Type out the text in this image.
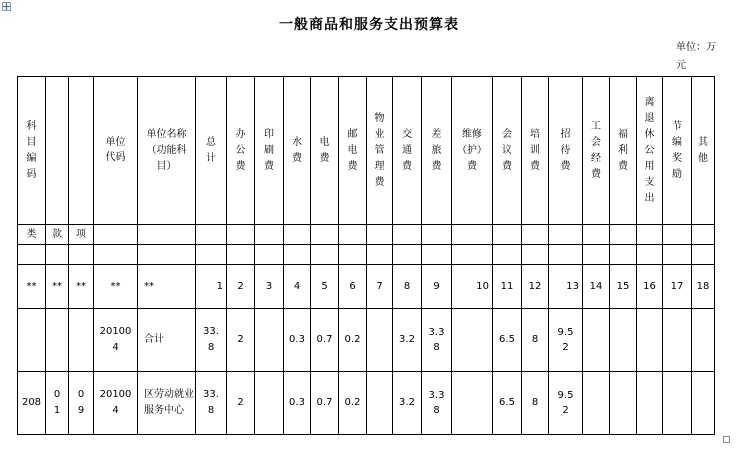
一般商品和服务支出预算表
单位：万元
科目编码			单位代码	单位名称（功能科目）	总计	办公费	印刷费	水费	电费	邮电费	物业管理费	交通费	差旅费	维修（护）费	会议费	培训费	招待费	工会经费	福利费	离退休公用支出	节编奖励	其他
类	款	项																				

**	**	**	**	**	1	2	3	4	5	6	7	8	9	10	11	12	13	14	15	16	17	18
			201004	合计	33.8	2		0.3	0.7	0.2		3.2	3.38		6.5	8	9.52					
208	01	09	201004	区劳动就业服务中心	33.8	2		0.3	0.7	0.2		3.2	3.38		6.5	8	9.52					
